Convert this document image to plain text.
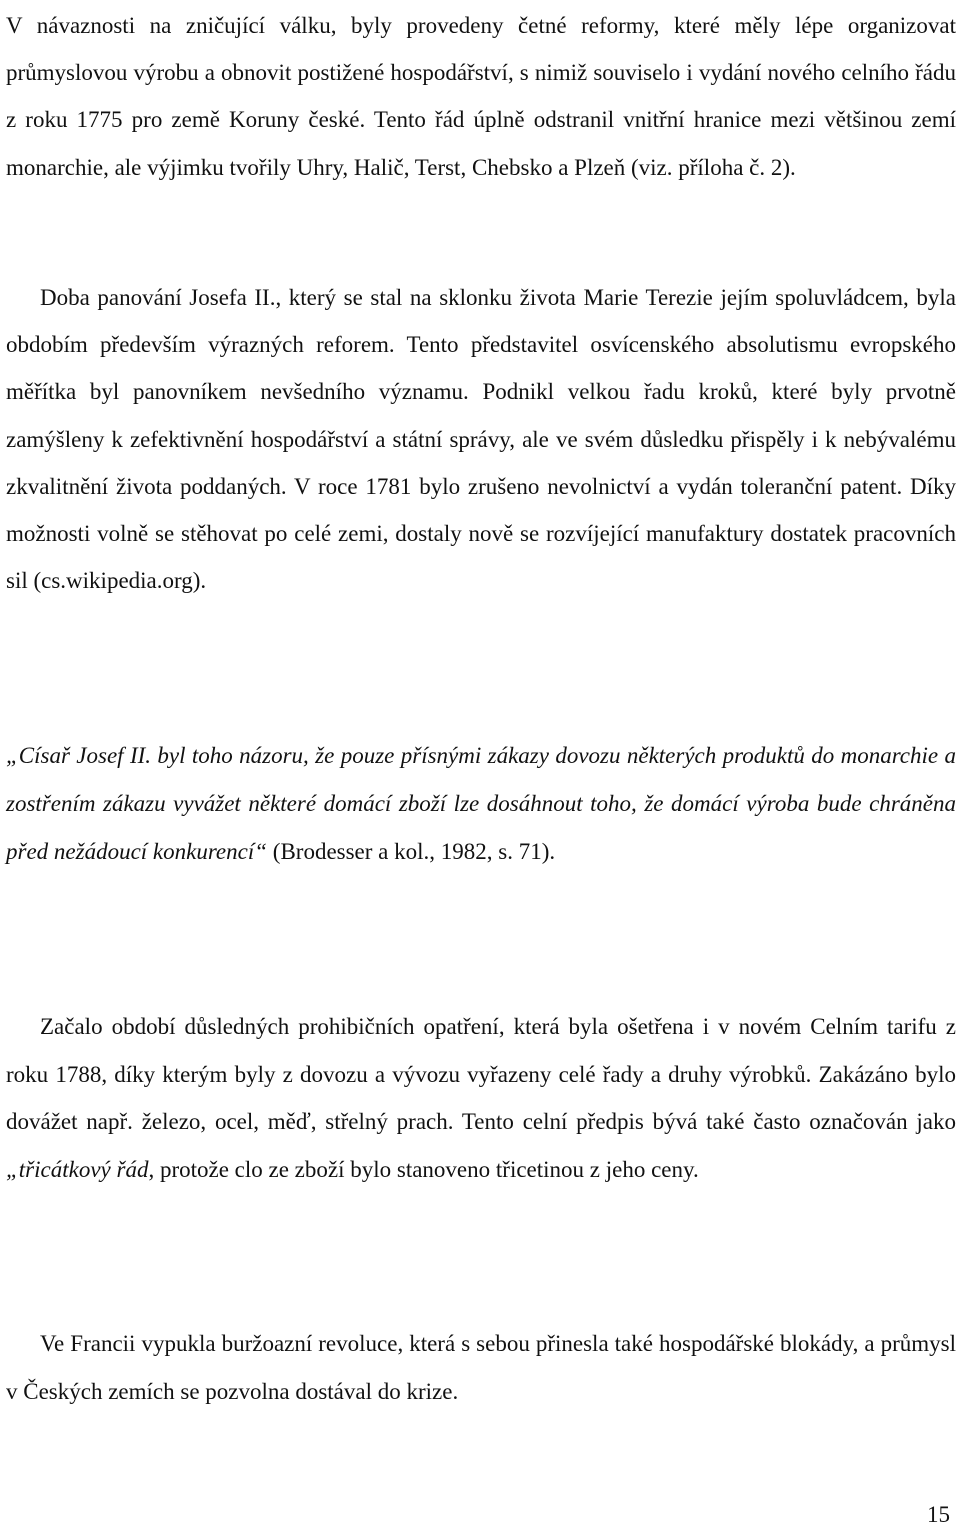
V návaznosti na zničující válku, byly provedeny četné reformy, které měly lépe organizovat průmyslovou výrobu a obnovit postižené hospodářství, s nimiž souviselo i vydání nového celního řádu z roku 1775 pro země Koruny české. Tento řád úplně odstranil vnitřní hranice mezi většinou zemí monarchie, ale výjimku tvořily Uhry, Halič, Terst, Chebsko a Plzeň (viz. příloha č. 2).

Doba panování Josefa II., který se stal na sklonku života Marie Terezie jejím spoluvládcem, byla obdobím především výrazných reforem. Tento představitel osvícenského absolutismu evropského měřítka byl panovníkem nevšedního významu. Podnikl velkou řadu kroků, které byly prvotně zamýšleny k zefektivnění hospodářství a státní správy, ale ve svém důsledku přispěly i k nebývalému zkvalitnění života poddaných. V roce 1781 bylo zrušeno nevolnictví a vydán toleranční patent. Díky možnosti volně se stěhovat po celé zemi, dostaly nově se rozvíjející manufaktury dostatek pracovních sil (cs.wikipedia.org).

„Císař Josef II. byl toho názoru, že pouze přísnými zákazy dovozu některých produktů do monarchie a zostřením zákazu vyvážet některé domácí zboží lze dosáhnout toho, že domácí výroba bude chráněna před nežádoucí konkurencí“ (Brodesser a kol., 1982, s. 71).

Začalo období důsledných prohibičních opatření, která byla ošetřena i v novém Celním tarifu z roku 1788, díky kterým byly z dovozu a vývozu vyřazeny celé řady a druhy výrobků. Zakázáno bylo dovážet např. železo, ocel, měď, střelný prach. Tento celní předpis bývá také často označován jako „třicátkový řád, protože clo ze zboží bylo stanoveno třicetinou z jeho ceny.

Ve Francii vypukla buržoazní revoluce, která s sebou přinesla také hospodářské blokády, a průmysl v Českých zemích se pozvolna dostával do krize.

15
